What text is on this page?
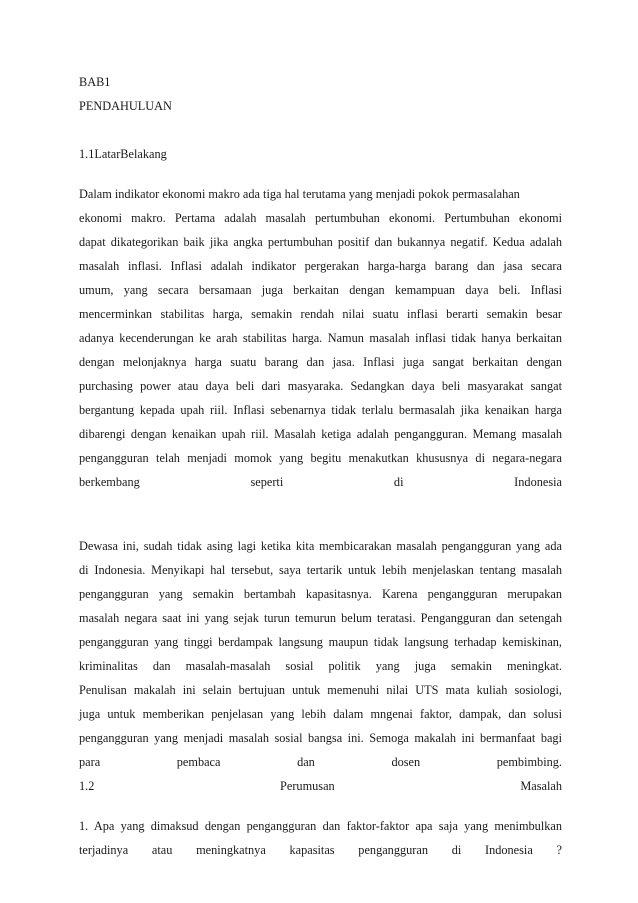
BAB1
PENDAHULUAN
1.1LatarBelakang
Dalam indikator ekonomi makro ada tiga hal terutama yang menjadi pokok permasalahan
ekonomi makro. Pertama adalah masalah pertumbuhan ekonomi. Pertumbuhan ekonomi
dapat dikategorikan baik jika angka pertumbuhan positif dan bukannya negatif. Kedua adalah
masalah inflasi. Inflasi adalah indikator pergerakan harga-harga barang dan jasa secara
umum, yang secara bersamaan juga berkaitan dengan kemampuan daya beli. Inflasi
mencerminkan stabilitas harga, semakin rendah nilai suatu inflasi berarti semakin besar
adanya kecenderungan ke arah stabilitas harga. Namun masalah inflasi tidak hanya berkaitan
dengan melonjaknya harga suatu barang dan jasa. Inflasi juga sangat berkaitan dengan
purchasing power atau daya beli dari masyaraka. Sedangkan daya beli masyarakat sangat
bergantung kepada upah riil. Inflasi sebenarnya tidak terlalu bermasalah jika kenaikan harga
dibarengi dengan kenaikan upah riil. Masalah ketiga adalah pengangguran. Memang masalah
pengangguran telah menjadi momok yang begitu menakutkan khususnya di negara-negara
berkembang seperti di Indonesia
Dewasa ini, sudah tidak asing lagi ketika kita membicarakan masalah pengangguran yang ada
di Indonesia. Menyikapi hal tersebut, saya tertarik untuk lebih menjelaskan tentang masalah
pengangguran yang semakin bertambah kapasitasnya. Karena pengangguran merupakan
masalah negara saat ini yang sejak turun temurun belum teratasi. Pengangguran dan setengah
pengangguran yang tinggi berdampak langsung maupun tidak langsung terhadap kemiskinan,
kriminalitas dan masalah-masalah sosial politik yang juga semakin meningkat.
Penulisan makalah ini selain bertujuan untuk memenuhi nilai UTS mata kuliah sosiologi,
juga untuk memberikan penjelasan yang lebih dalam mngenai faktor, dampak, dan solusi
pengangguran yang menjadi masalah sosial bangsa ini. Semoga makalah ini bermanfaat bagi
para pembaca dan dosen pembimbing.
1.2 Perumusan Masalah
1. Apa yang dimaksud dengan pengangguran dan faktor-faktor apa saja yang menimbulkan
terjadinya atau meningkatnya kapasitas pengangguran di Indonesia ?
